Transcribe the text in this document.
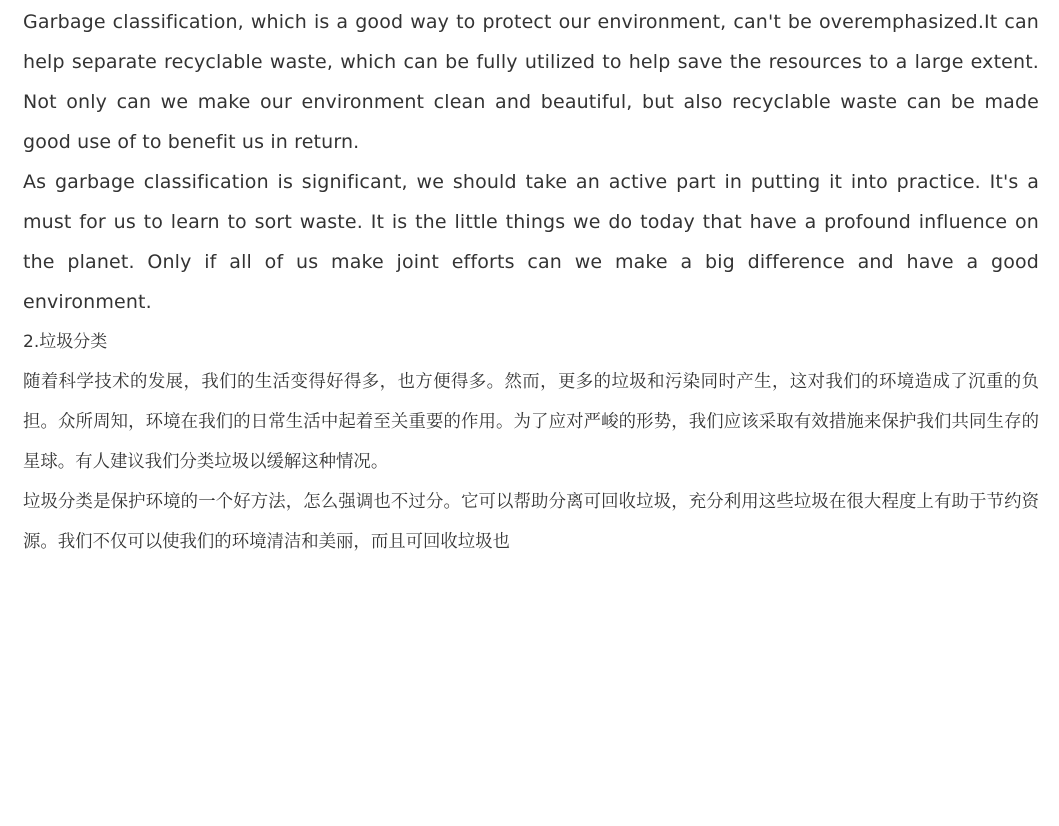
Garbage classification, which is a good way to protect our environment, can't be overemphasized.It can help separate recyclable waste, which can be fully utilized to help save the resources to a large extent. Not only can we make our environment clean and beautiful, but also recyclable waste can be made good use of to benefit us in return.

As garbage classification is significant, we should take an active part in putting it into practice. It's a must for us to learn to sort waste. It is the little things we do today that have a profound influence on the planet. Only if all of us make joint efforts can we make a big difference and have a good environment.

2.垃圾分类

随着科学技术的发展，我们的生活变得好得多，也方便得多。然而，更多的垃圾和污染同时产生，这对我们的环境造成了沉重的负担。众所周知，环境在我们的日常生活中起着至关重要的作用。为了应对严峻的形势，我们应该采取有效措施来保护我们共同生存的星球。有人建议我们分类垃圾以缓解这种情况。

垃圾分类是保护环境的一个好方法，怎么强调也不过分。它可以帮助分离可回收垃圾，充分利用这些垃圾在很大程度上有助于节约资源。我们不仅可以使我们的环境清洁和美丽，而且可回收垃圾也
